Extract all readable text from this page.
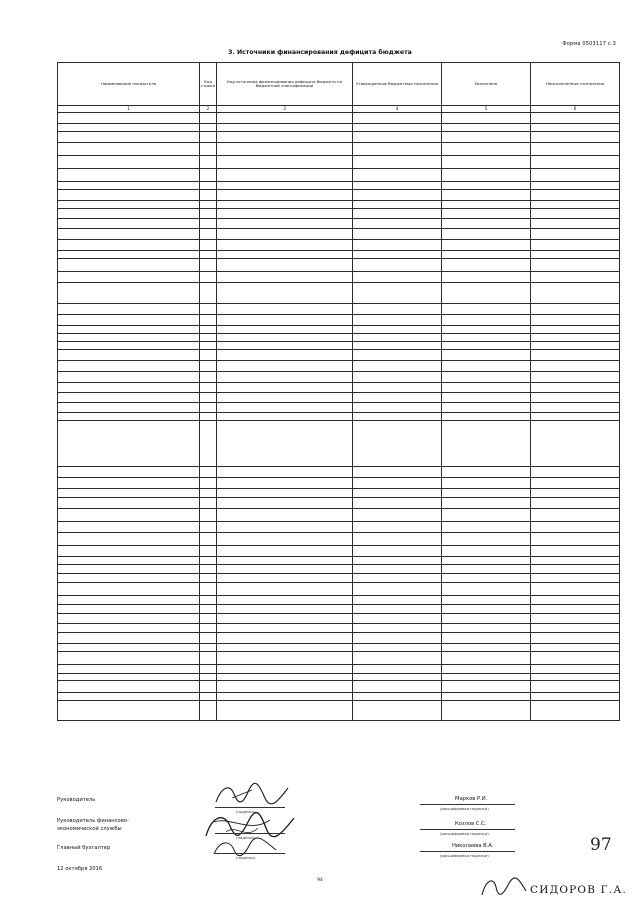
Форма 0503117 с.3
3. Источники финансирования дефицита бюджета
Наименование показателя	Код строки	Код источника финансирования дефицита бюджета по бюджетной классификации	Утвержденные бюджетные назначения	Исполнено	Неисполненные назначения
1	2	3	4	5	6

Руководитель
(подпись)
Марков Р.И.
(расшифровка подписи)
Руководитель финансово-экономической службы
(подпись)
Козлов С.С.
(расшифровка подписи)
Главный бухгалтер
(подпись)
Николаева В.А.
(расшифровка подписи)
12 октября 2016
97
94
СИДОРОВ Г.А.
